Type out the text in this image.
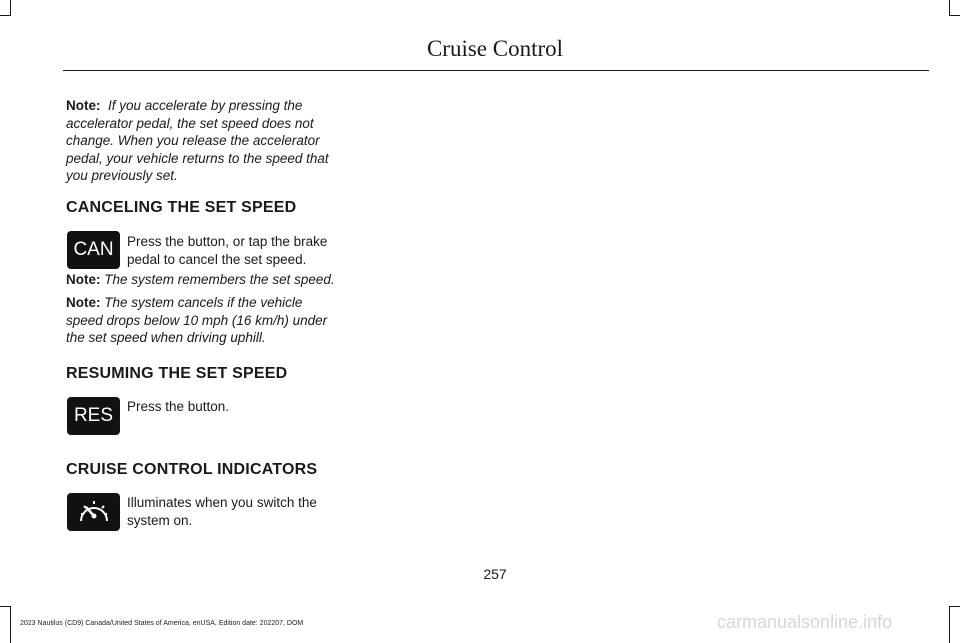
Cruise Control

Note: If you accelerate by pressing the accelerator pedal, the set speed does not change. When you release the accelerator pedal, your vehicle returns to the speed that you previously set.

CANCELING THE SET SPEED
CAN Press the button, or tap the brake pedal to cancel the set speed.

Note: The system remembers the set speed.

Note: The system cancels if the vehicle speed drops below 10 mph (16 km/h) under the set speed when driving uphill.

RESUMING THE SET SPEED
RES Press the button.

CRUISE CONTROL INDICATORS

Illuminates when you switch the system on.

257
2023 Nautilus (CD9) Canada/United States of America, enUSA, Edition date: 202207, DOM	carmanualsonline.info
